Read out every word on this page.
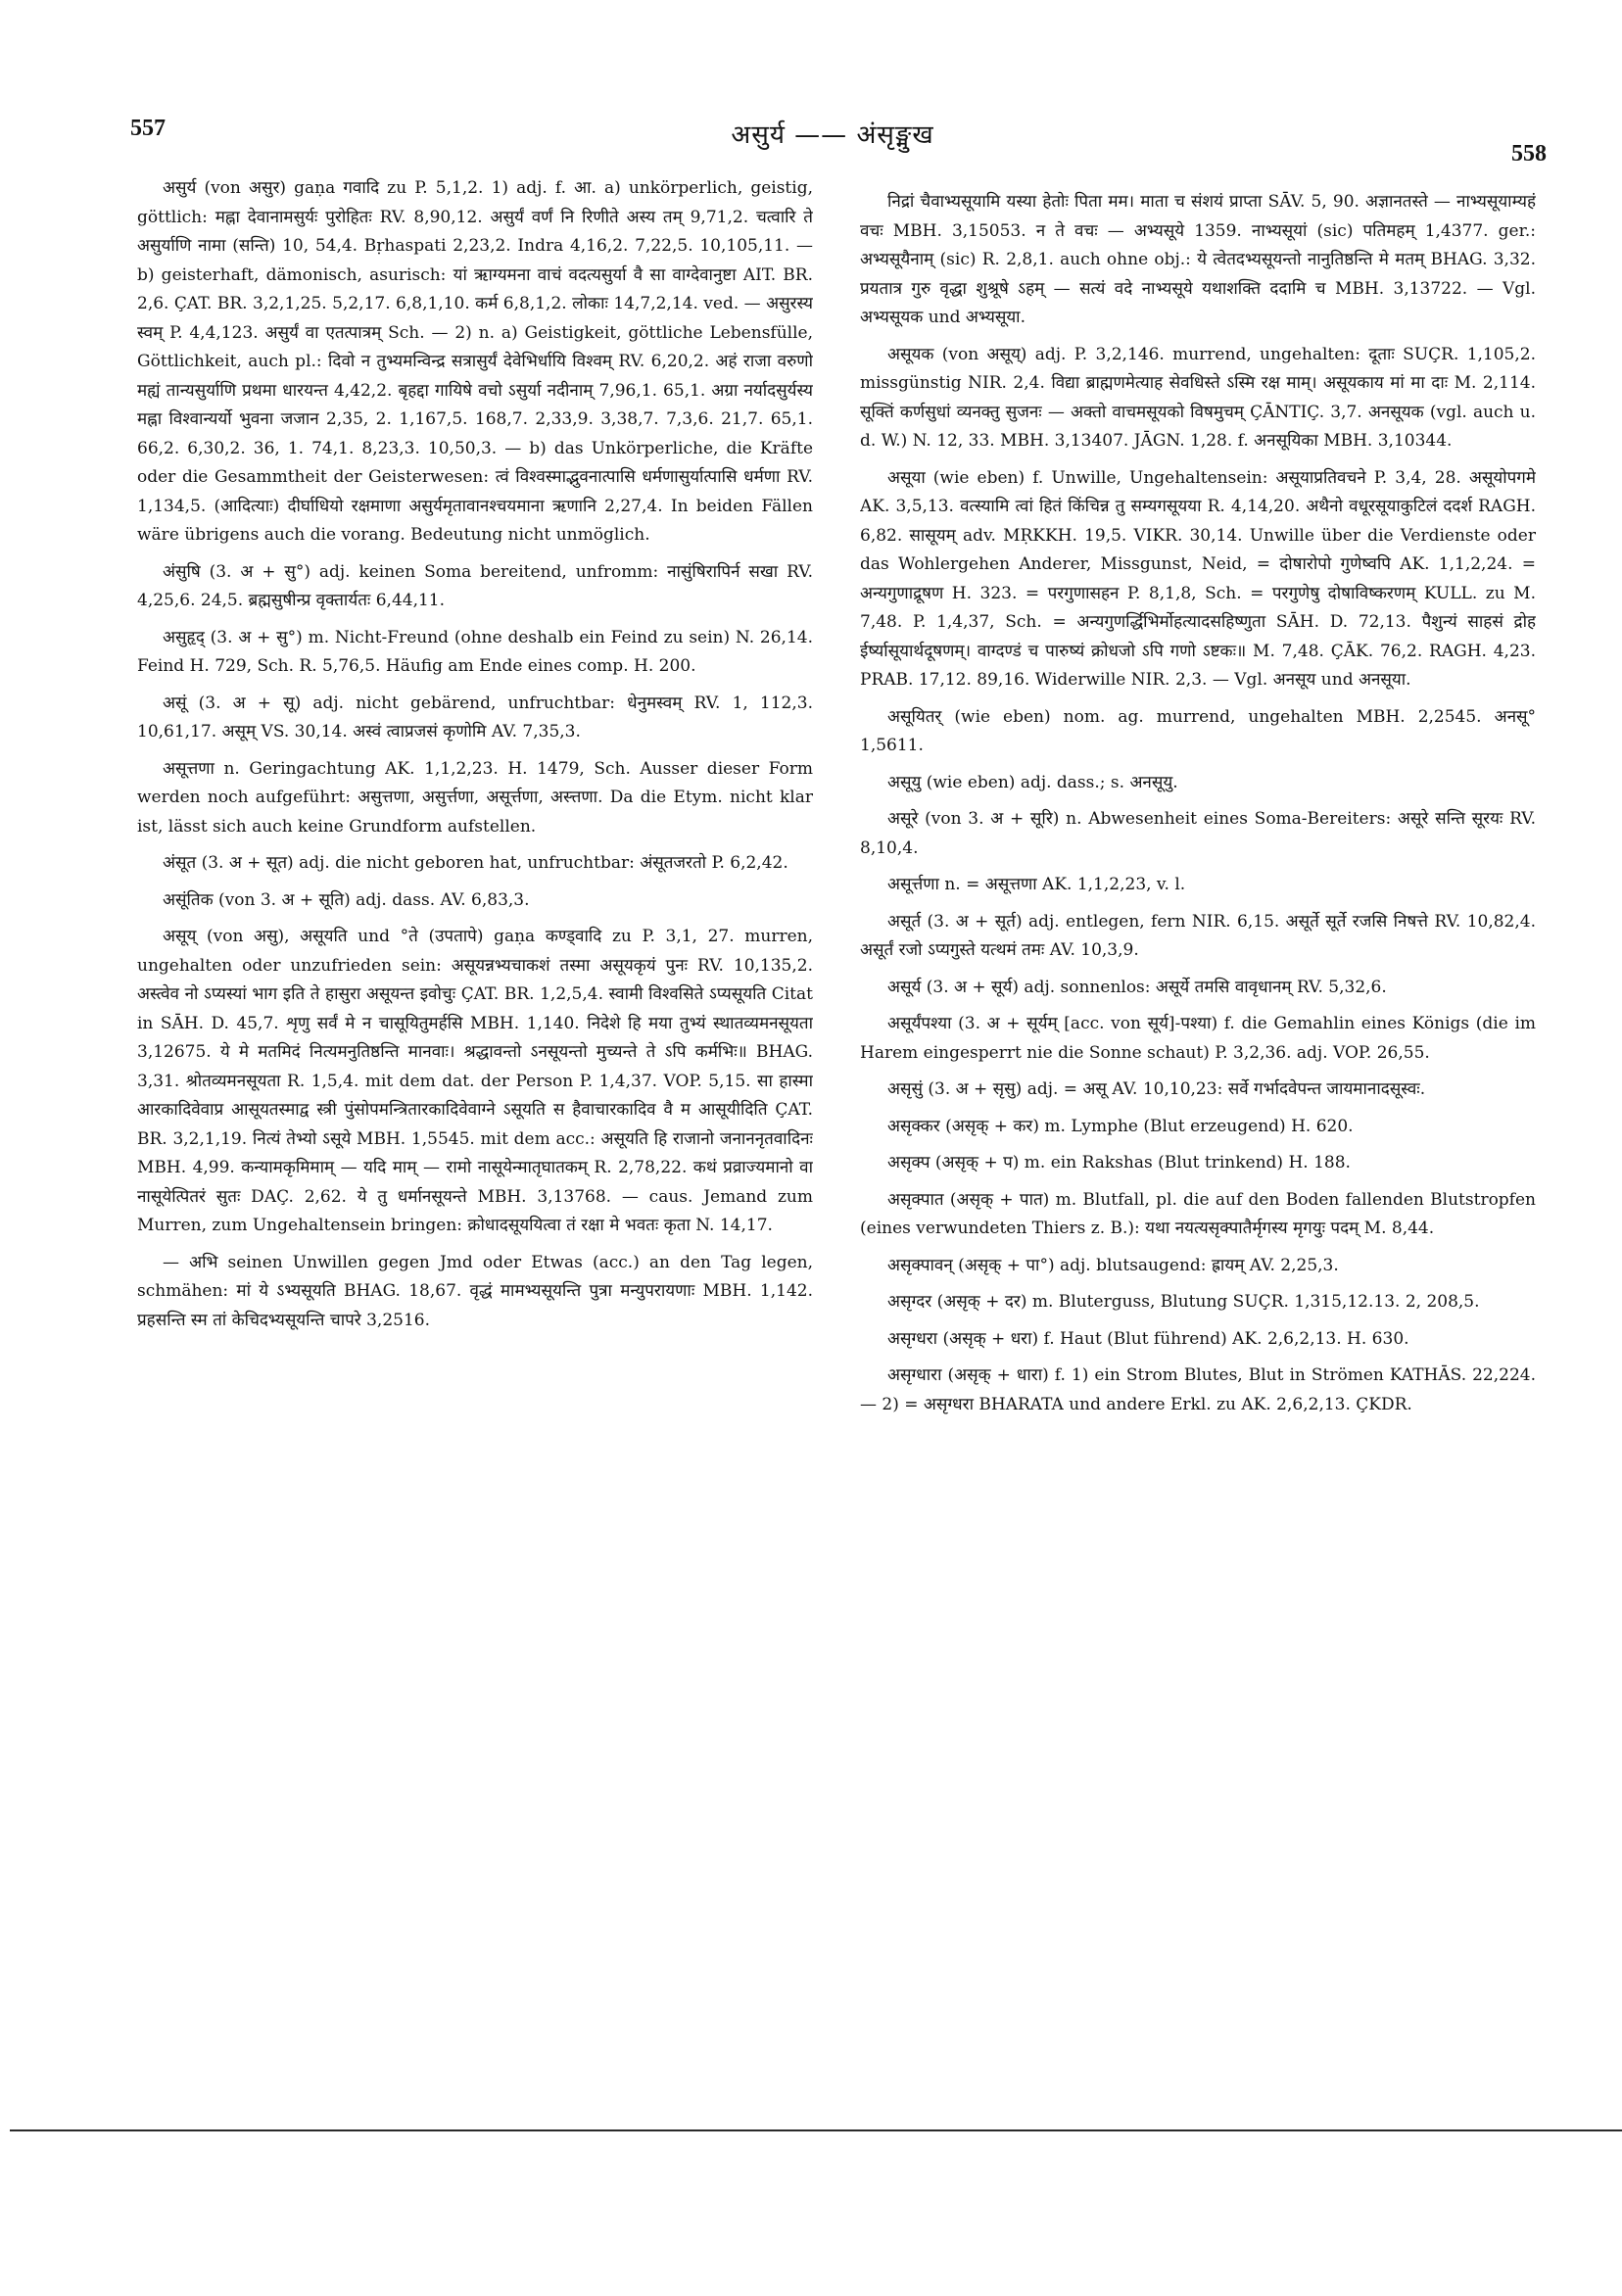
557	असुर्य —— अंसृङ्मुख
558

असुर्य (von असुर) gaṇa गवादि zu P. 5,1,2. 1) adj. f. आ. a) unkörperlich, geistig, göttlich: मह्ना देवानामसुर्यः पुरोहितः RV. 8,90,12. असुर्यं वर्णं नि रिणीते अस्य तम् 9,71,2. चत्वारि ते असुर्याणि नामा (सन्ति) 10, 54,4. Bṛhaspati 2,23,2. Indra 4,16,2. 7,22,5. 10,105,11. — b) geisterhaft, dämonisch, asurisch: यां ऋाग्यमना वाचं वदत्यसुर्या वै सा वाग्देवानुष्टा AIT. BR. 2,6. ÇAT. BR. 3,2,1,25. 5,2,17. 6,8,1,10. कर्म 6,8,1,2. लोकाः 14,7,2,14. ved. — असुरस्य स्वम् P. 4,4,123. असुर्यं वा एतत्पात्रम् Sch. — 2) n. a) Geistigkeit, göttliche Lebensfülle, Göttlichkeit, auch pl.: दिवो न तुभ्यमन्विन्द्र सत्रासुर्यं देवेभिर्धायि विश्वम् RV. 6,20,2. अहं राजा वरुणो मह्यं तान्यसुर्याणि प्रथमा धारयन्त 4,42,2. बृहद्दा गायिषे वचो ऽसुर्या नदीनाम् 7,96,1. 65,1. अग्रा नर्यादसुर्यस्य मह्ना विश्वान्यर्यो भुवना जजान 2,35, 2. 1,167,5. 168,7. 2,33,9. 3,38,7. 7,3,6. 21,7. 65,1. 66,2. 6,30,2. 36, 1. 74,1. 8,23,3. 10,50,3. — b) das Unkörperliche, die Kräfte oder die Gesammtheit der Geisterwesen: त्वं विश्वस्माद्भुवनात्पासि धर्मणासुर्यात्पासि धर्मणा RV. 1,134,5. (आदित्याः) दीर्घाधियो रक्षमाणा असुर्यमृतावानश्चयमाना ऋणानि 2,27,4. In beiden Fällen wäre übrigens auch die vorang. Bedeutung nicht unmöglich.

अंसुषि (3. अ + सु°) adj. keinen Soma bereitend, unfromm: नासुंषिरापिर्न सखा RV. 4,25,6. 24,5. ब्रह्मसुषीन्प्र वृक्तार्यतः 6,44,11.

असुहृद् (3. अ + सु°) m. Nicht-Freund (ohne deshalb ein Feind zu sein) N. 26,14. Feind H. 729, Sch. R. 5,76,5. Häufig am Ende eines comp. H. 200.

असूं (3. अ + सू) adj. nicht gebärend, unfruchtbar: धेनुमस्वम् RV. 1, 112,3. 10,61,17. असूम् VS. 30,14. अस्वं त्वाप्रजसं कृणोमि AV. 7,35,3.

असूत्तणा n. Geringachtung AK. 1,1,2,23. H. 1479, Sch. Ausser dieser Form werden noch aufgeführt: असुत्तणा, असुर्त्तणा, असूर्त्तणा, अस्त्तणा. Da die Etym. nicht klar ist, lässt sich auch keine Grundform aufstellen.

अंसूत (3. अ + सूत) adj. die nicht geboren hat, unfruchtbar: अंसूतजरतो P. 6,2,42.

असूंतिक (von 3. अ + सूति) adj. dass. AV. 6,83,3.

असूय् (von असु), असूयति und °ते (उपतापे) gaṇa कण्ड्वादि zu P. 3,1, 27. murren, ungehalten oder unzufrieden sein: असूयन्नभ्यचाकशं तस्मा असूयकृयं पुनः RV. 10,135,2. अस्त्वेव नो ऽप्यस्यां भाग इति ते हासुरा असूयन्त इवोचुः ÇAT. BR. 1,2,5,4. स्वामी विश्वसिते ऽप्यसूयति Citat in SĀH. D. 45,7. शृणु सर्वं मे न चासूयितुमर्हसि MBH. 1,140. निदेशे हि मया तुभ्यं स्थातव्यमनसूयता 3,12675. ये मे मतमिदं नित्यमनुतिष्ठन्ति मानवाः। श्रद्धावन्तो ऽनसूयन्तो मुच्यन्ते ते ऽपि कर्मभिः॥ BHAG. 3,31. श्रोतव्यमनसूयता R. 1,5,4. mit dem dat. der Person P. 1,4,37. VOP. 5,15. सा हास्मा आरकादिवेवाप्र आसूयतस्माद्व स्त्री पुंसोपमन्त्रितारकादिवेवाग्ने ऽसूयति स हैवाचारकादिव वै म आसूयीदिति ÇAT. BR. 3,2,1,19. नित्यं तेभ्यो ऽसूये MBH. 1,5545. mit dem acc.: असूयति हि राजानो जनाननृतवादिनः MBH. 4,99. कन्यामकृमिमाम् — यदि माम् — रामो नासूयेन्मातृघातकम् R. 2,78,22. कथं प्रव्राज्यमानो वा नासूयेत्पितरं सुतः DAÇ. 2,62. ये तु धर्मानसूयन्ते MBH. 3,13768. — caus. Jemand zum Murren, zum Ungehaltensein bringen: क्रोधादसूययित्वा तं रक्षा मे भवतः कृता N. 14,17.

— अभि seinen Unwillen gegen Jmd oder Etwas (acc.) an den Tag legen, schmähen: मां ये ऽभ्यसूयति BHAG. 18,67. वृद्धं मामभ्यसूयन्ति पुत्रा मन्युपरायणाः MBH. 1,142. प्रहसन्ति स्म तां केचिदभ्यसूयन्ति चापरे 3,2516.

निद्रां चैवाभ्यसूयामि यस्या हेतोः पिता मम। माता च संशयं प्राप्ता SĀV. 5, 90. अज्ञानतस्ते — नाभ्यसूयाम्यहं वचः MBH. 3,15053. न ते वचः — अभ्यसूये 1359. नाभ्यसूयां (sic) पतिमहम् 1,4377. ger.: अभ्यसूयैनाम् (sic) R. 2,8,1. auch ohne obj.: ये त्वेतदभ्यसूयन्तो नानुतिष्ठन्ति मे मतम् BHAG. 3,32. प्रयतात्र गुरु वृद्धा शुश्रूषे ऽहम् — सत्यं वदे नाभ्यसूये यथाशक्ति ददामि च MBH. 3,13722. — Vgl. अभ्यसूयक und अभ्यसूया.

असूयक (von असूय्) adj. P. 3,2,146. murrend, ungehalten: दूताः SUÇR. 1,105,2. missgünstig NIR. 2,4. विद्या ब्राह्मणमेत्याह सेवधिस्ते ऽस्मि रक्ष माम्। असूयकाय मां मा दाः M. 2,114. सूक्तिं कर्णसुधां व्यनक्तु सुजनः — अक्तो वाचमसूयको विषमुचम् ÇĀNTIÇ. 3,7. अनसूयक (vgl. auch u. d. W.) N. 12, 33. MBH. 3,13407. JĀGN. 1,28. f. अनसूयिका MBH. 3,10344.

असूया (wie eben) f. Unwille, Ungehaltensein: असूयाप्रतिवचने P. 3,4, 28. असूयोपगमे AK. 3,5,13. वत्स्यामि त्वां हितं किंचिन्न तु सम्यगसूयया R. 4,14,20. अथैनो वधूरसूयाकुटिलं ददर्श RAGH. 6,82. सासूयम् adv. MṚKKH. 19,5. VIKR. 30,14. Unwille über die Verdienste oder das Wohlergehen Anderer, Missgunst, Neid, = दोषारोपो गुणेष्वपि AK. 1,1,2,24. = अन्यगुणाद्रूषण H. 323. = परगुणासहन P. 8,1,8, Sch. = परगुणेषु दोषाविष्करणम् KULL. zu M. 7,48. P. 1,4,37, Sch. = अन्यगुणर्द्धिभिर्मोहत्यादसहिष्णुता SĀH. D. 72,13. पैशुन्यं साहसं द्रोह ईर्ष्यासूयार्थदूषणम्। वाग्दण्डं च पारुष्यं क्रोधजो ऽपि गणो ऽष्टकः॥ M. 7,48. ÇĀK. 76,2. RAGH. 4,23. PRAB. 17,12. 89,16. Widerwille NIR. 2,3. — Vgl. अनसूय und अनसूया.

असूयितर् (wie eben) nom. ag. murrend, ungehalten MBH. 2,2545. अनसू° 1,5611.

असूयु (wie eben) adj. dass.; s. अनसूयु.

असूरे (von 3. अ + सूरि) n. Abwesenheit eines Soma-Bereiters: असूरे सन्ति सूरयः RV. 8,10,4.

असूर्त्तणा n. = असूत्तणा AK. 1,1,2,23, v. l.

असूर्त (3. अ + सूर्त) adj. entlegen, fern NIR. 6,15. असूर्ते सूर्ते रजसि निषत्ते RV. 10,82,4. असूर्तं रजो ऽप्यगुस्ते यत्थमं तमः AV. 10,3,9.

असूर्य (3. अ + सूर्य) adj. sonnenlos: असूर्ये तमसि वावृधानम् RV. 5,32,6.

असूर्यंपश्या (3. अ + सूर्यम् [acc. von सूर्य]-पश्या) f. die Gemahlin eines Königs (die im Harem eingesperrt nie die Sonne schaut) P. 3,2,36. adj. VOP. 26,55.

असृसुं (3. अ + सृसु) adj. = असू AV. 10,10,23: सर्वे गर्भादवेपन्त जायमानादसूस्वः.

असृक्कर (असृक् + कर) m. Lymphe (Blut erzeugend) H. 620.

असृक्प (असृक् + प) m. ein Rakshas (Blut trinkend) H. 188.

असृक्पात (असृक् + पात) m. Blutfall, pl. die auf den Boden fallenden Blutstropfen (eines verwundeten Thiers z. B.): यथा नयत्यसृक्पातैर्मृगस्य मृगयुः पदम् M. 8,44.

असृक्पावन् (असृक् + पा°) adj. blutsaugend: ह्रायम् AV. 2,25,3.

असृग्दर (असृक् + दर) m. Bluterguss, Blutung SUÇR. 1,315,12.13. 2, 208,5.

असृग्धरा (असृक् + धरा) f. Haut (Blut führend) AK. 2,6,2,13. H. 630.

असृग्धारा (असृक् + धारा) f. 1) ein Strom Blutes, Blut in Strömen KATHĀS. 22,224. — 2) = असृग्धरा BHARATA und andere Erkl. zu AK. 2,6,2,13. ÇKDR.
